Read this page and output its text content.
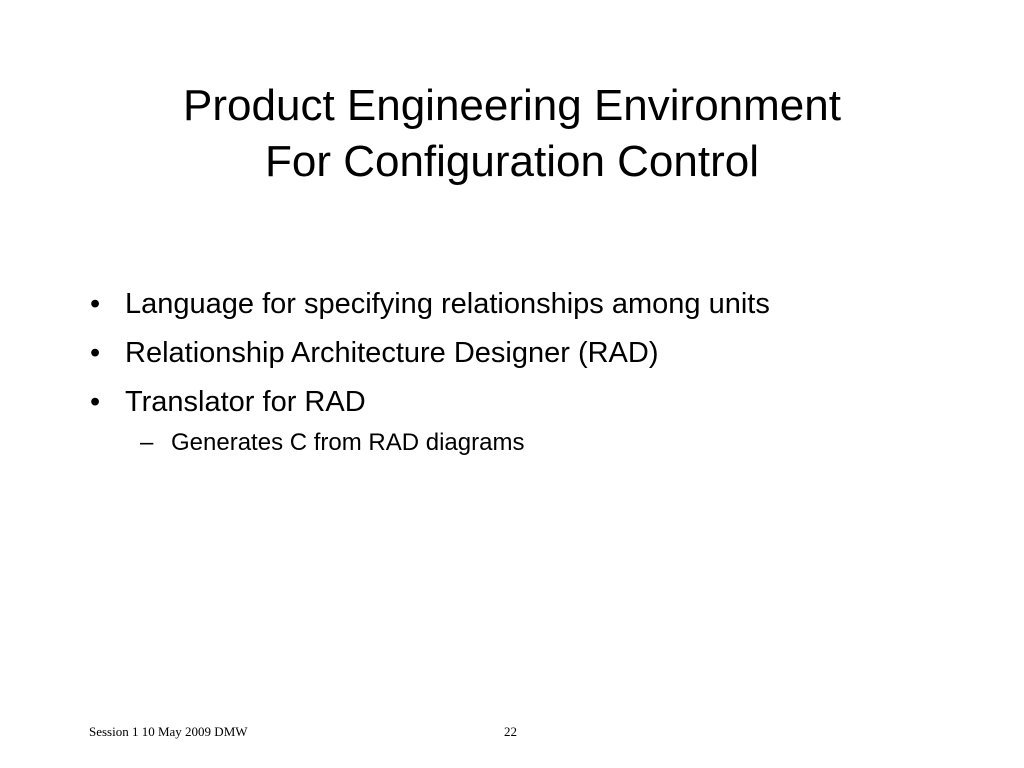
Product Engineering Environment
For Configuration Control
• Language for specifying relationships among units
• Relationship Architecture Designer (RAD)
• Translator for RAD
– Generates C from RAD diagrams
Session 1 10 May 2009 DMW	22
